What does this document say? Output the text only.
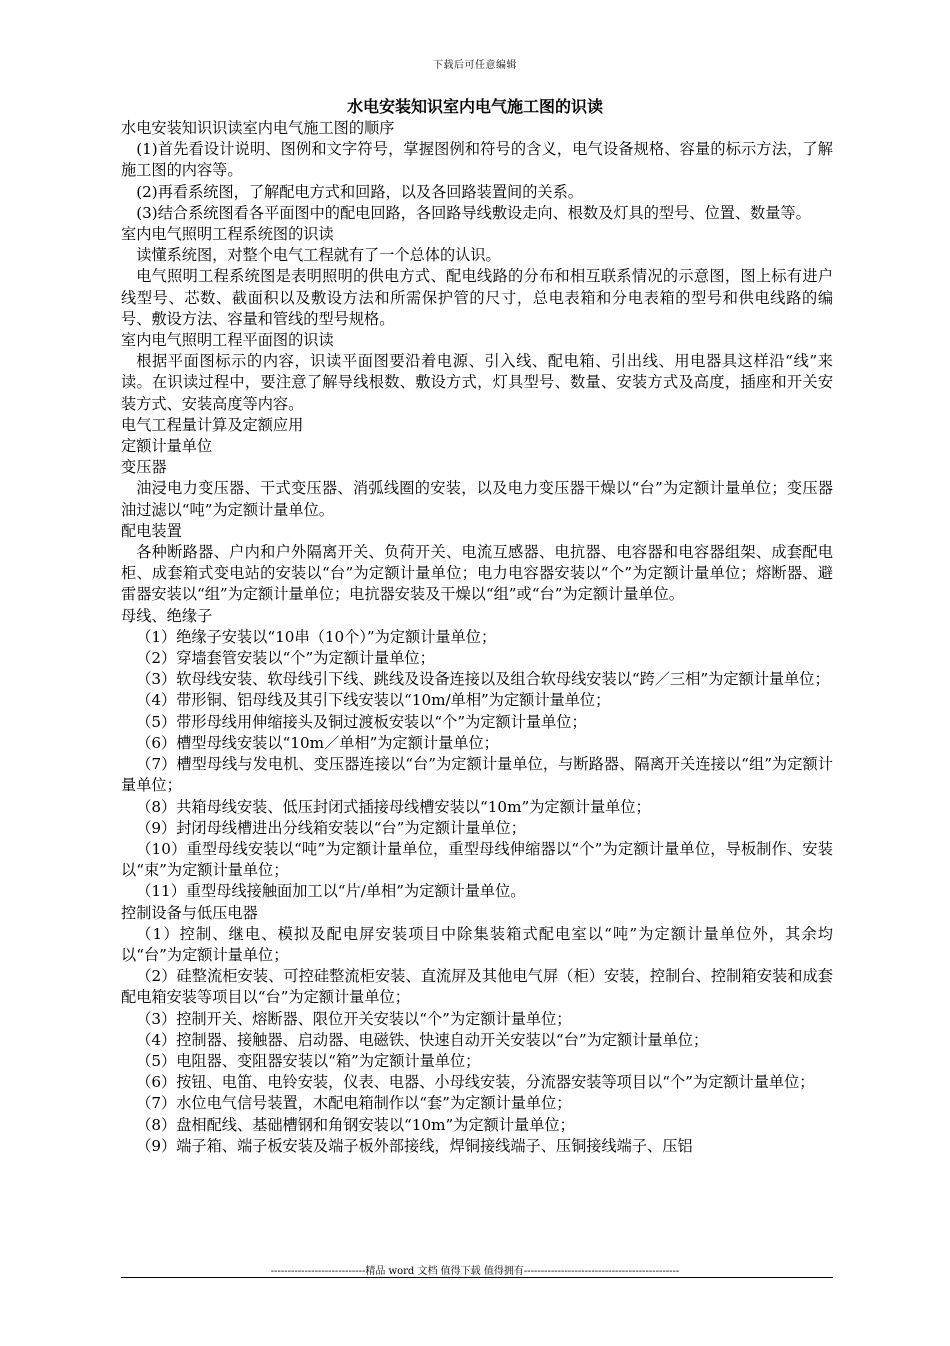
下载后可任意编辑
水电安装知识室内电气施工图的识读

水电安装知识识读室内电气施工图的顺序

(1)首先看设计说明、图例和文字符号，掌握图例和符号的含义，电气设备规格、容量的标示方法，了解施工图的内容等。

(2)再看系统图，了解配电方式和回路，以及各回路装置间的关系。

(3)结合系统图看各平面图中的配电回路，各回路导线敷设走向、根数及灯具的型号、位置、数量等。

室内电气照明工程系统图的识读

读懂系统图，对整个电气工程就有了一个总体的认识。

电气照明工程系统图是表明照明的供电方式、配电线路的分布和相互联系情况的示意图，图上标有进户线型号、芯数、截面积以及敷设方法和所需保护管的尺寸，总电表箱和分电表箱的型号和供电线路的编号、敷设方法、容量和管线的型号规格。

室内电气照明工程平面图的识读

根据平面图标示的内容，识读平面图要沿着电源、引入线、配电箱、引出线、用电器具这样沿“线”来读。在识读过程中，要注意了解导线根数、敷设方式，灯具型号、数量、安装方式及高度，插座和开关安装方式、安装高度等内容。

电气工程量计算及定额应用

定额计量单位

变压器

油浸电力变压器、干式变压器、消弧线圈的安装，以及电力变压器干燥以“台”为定额计量单位；变压器油过滤以“吨”为定额计量单位。

配电装置

各种断路器、户内和户外隔离开关、负荷开关、电流互感器、电抗器、电容器和电容器组架、成套配电柜、成套箱式变电站的安装以“台”为定额计量单位；电力电容器安装以“个”为定额计量单位；熔断器、避雷器安装以“组”为定额计量单位；电抗器安装及干燥以“组”或“台”为定额计量单位。

母线、绝缘子

（1）绝缘子安装以“10串（10个）”为定额计量单位；

（2）穿墙套管安装以“个”为定额计量单位；

（3）软母线安装、软母线引下线、跳线及设备连接以及组合软母线安装以“跨／三相”为定额计量单位；

（4）带形铜、铝母线及其引下线安装以“10m/单相”为定额计量单位；

（5）带形母线用伸缩接头及铜过渡板安装以“个”为定额计量单位；

（6）槽型母线安装以“10m／单相”为定额计量单位；

（7）槽型母线与发电机、变压器连接以“台”为定额计量单位，与断路器、隔离开关连接以“组”为定额计量单位；

（8）共箱母线安装、低压封闭式插接母线槽安装以“10m”为定额计量单位；

（9）封闭母线槽进出分线箱安装以“台”为定额计量单位；

（10）重型母线安装以“吨”为定额计量单位，重型母线伸缩器以“个”为定额计量单位，导板制作、安装以“束”为定额计量单位；

（11）重型母线接触面加工以“片/单相”为定额计量单位。

控制设备与低压电器

（1）控制、继电、模拟及配电屏安装项目中除集装箱式配电室以“吨”为定额计量单位外，其余均以“台”为定额计量单位；

（2）硅整流柜安装、可控硅整流柜安装、直流屏及其他电气屏（柜）安装，控制台、控制箱安装和成套配电箱安装等项目以“台”为定额计量单位；

（3）控制开关、熔断器、限位开关安装以“个”为定额计量单位；

（4）控制器、接触器、启动器、电磁铁、快速自动开关安装以“台”为定额计量单位；

（5）电阻器、变阻器安装以“箱”为定额计量单位；

（6）按钮、电笛、电铃安装，仪表、电器、小母线安装，分流器安装等项目以“个”为定额计量单位；

（7）水位电气信号装置，木配电箱制作以“套”为定额计量单位；

（8）盘相配线、基础槽钢和角钢安装以“10m”为定额计量单位；

（9）端子箱、端子板安装及端子板外部接线，焊铜接线端子、压铜接线端子、压铝

----------------------------精品 word 文档 值得下载 值得拥有----------------------------------------------
